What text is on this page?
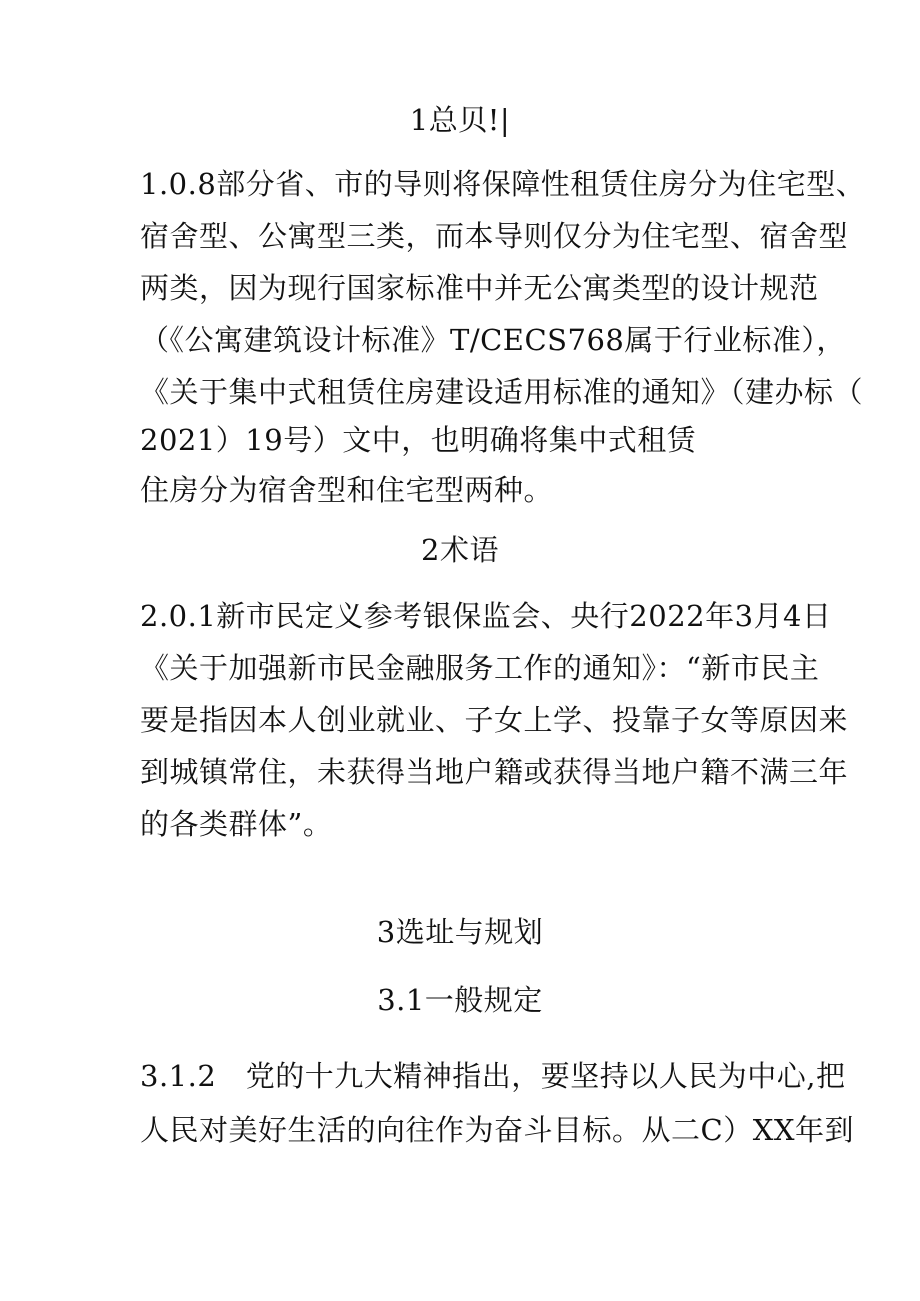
1总贝!|

1.0.8部分省、市的导则将保障性租赁住房分为住宅型、

宿舍型、公寓型三类，而本导则仅分为住宅型、宿舍型

两类，因为现行国家标准中并无公寓类型的设计规范

（《公寓建筑设计标准》T/CECS768属于行业标准），

《关于集中式租赁住房建设适用标准的通知》（建办标（

2021）19号）文中，也明确将集中式租赁

住房分为宿舍型和住宅型两种。

2术语

2.0.1新市民定义参考银保监会、央行2022年3月4日

《关于加强新市民金融服务工作的通知》：“新市民主

要是指因本人创业就业、子女上学、投靠子女等原因来

到城镇常住，未获得当地户籍或获得当地户籍不满三年

的各类群体”。

3选址与规划

3.1一般规定

3.1.2　党的十九大精神指出，要坚持以人民为中心,把

人民对美好生活的向往作为奋斗目标。从二C）XX年到
